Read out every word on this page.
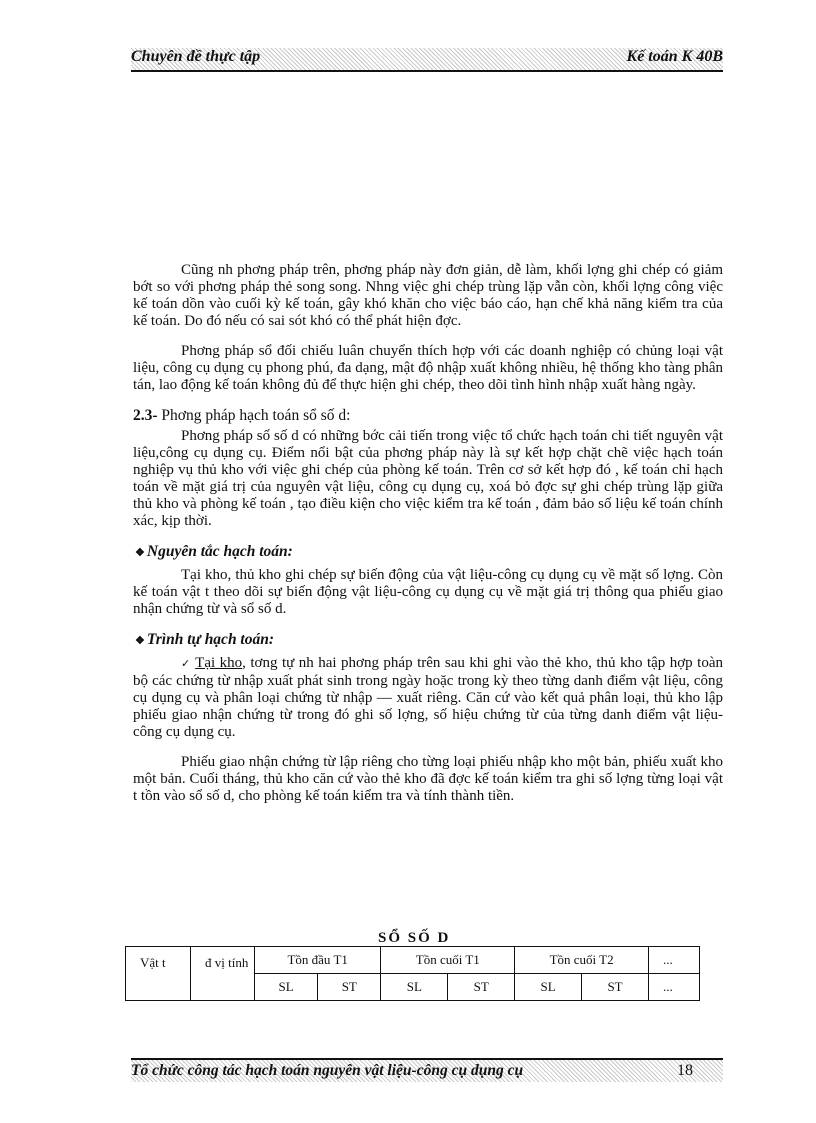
Chuyên đề thực tập	Kế toán K 40B

Cũng nh phơng pháp trên, phơng pháp này đơn giản, dễ làm, khối lợng ghi chép có giảm bớt so với phơng pháp thẻ song song. Nhng việc ghi chép trùng lặp vẫn còn, khối lợng công việc kế toán dồn vào cuối kỳ kế toán, gây khó khăn cho việc báo cáo, hạn chế khả năng kiểm tra của kế toán. Do đó nếu có sai sót khó có thể phát hiện đợc.

Phơng pháp sổ đối chiếu luân chuyển thích hợp với các doanh nghiệp có chủng loại vật liệu, công cụ dụng cụ phong phú, đa dạng, mật độ nhập xuất không nhiều, hệ thống kho tàng phân tán, lao động kế toán không đủ để thực hiện ghi chép, theo dõi tình hình nhập xuất hàng ngày.

2.3- Phơng pháp hạch toán sổ số d:

Phơng pháp sổ số d có những bớc cải tiến trong việc tổ chức hạch toán chi tiết nguyên vật liệu,công cụ dụng cụ. Điểm nổi bật của phơng pháp này là sự kết hợp chặt chẽ việc hạch toán nghiệp vụ thủ kho với việc ghi chép của phòng kế toán. Trên cơ sở kết hợp đó , kế toán chỉ hạch toán về mặt giá trị của nguyên vật liệu, công cụ dụng cụ, xoá bỏ đợc sự ghi chép trùng lặp giữa thủ kho và phòng kế toán , tạo điều kiện cho việc kiểm tra kế toán , đảm bảo số liệu kế toán chính xác, kịp thời.

❖ Nguyên tắc hạch toán:

Tại kho, thủ kho ghi chép sự biến động của vật liệu-công cụ dụng cụ về mặt số lợng. Còn kế toán vật t theo dõi sự biến động vật liệu-công cụ dụng cụ về mặt giá trị thông qua phiếu giao nhận chứng từ và sổ số d.

❖ Trình tự hạch toán:

✓ Tại kho, tơng tự nh hai phơng pháp trên sau khi ghi vào thẻ kho, thủ kho tập hợp toàn bộ các chứng từ nhập xuất phát sinh trong ngày hoặc trong kỳ theo từng danh điểm vật liệu, công cụ dụng cụ và phân loại chứng từ nhập — xuất riêng. Căn cứ vào kết quả phân loại, thủ kho lập phiếu giao nhận chứng từ trong đó ghi số lợng, số hiệu chứng từ của từng danh điểm vật liệu-công cụ dụng cụ.

Phiếu giao nhận chứng từ lập riêng cho từng loại phiếu nhập kho một bản, phiếu xuất kho một bản. Cuối tháng, thủ kho căn cứ vào thẻ kho đã đợc kế toán kiểm tra ghi số lợng từng loại vật t tồn vào sổ số d, cho phòng kế toán kiểm tra và tính thành tiền.

SỔ SỐ D
Vật t	đ vị tính	Tồn đầu T1		Tồn cuối T1		Tồn cuối T2		...
		SL	ST	SL	ST	SL	ST	...
Tổ chức công tác hạch toán nguyên vật liệu-công cụ dụng cụ	18
